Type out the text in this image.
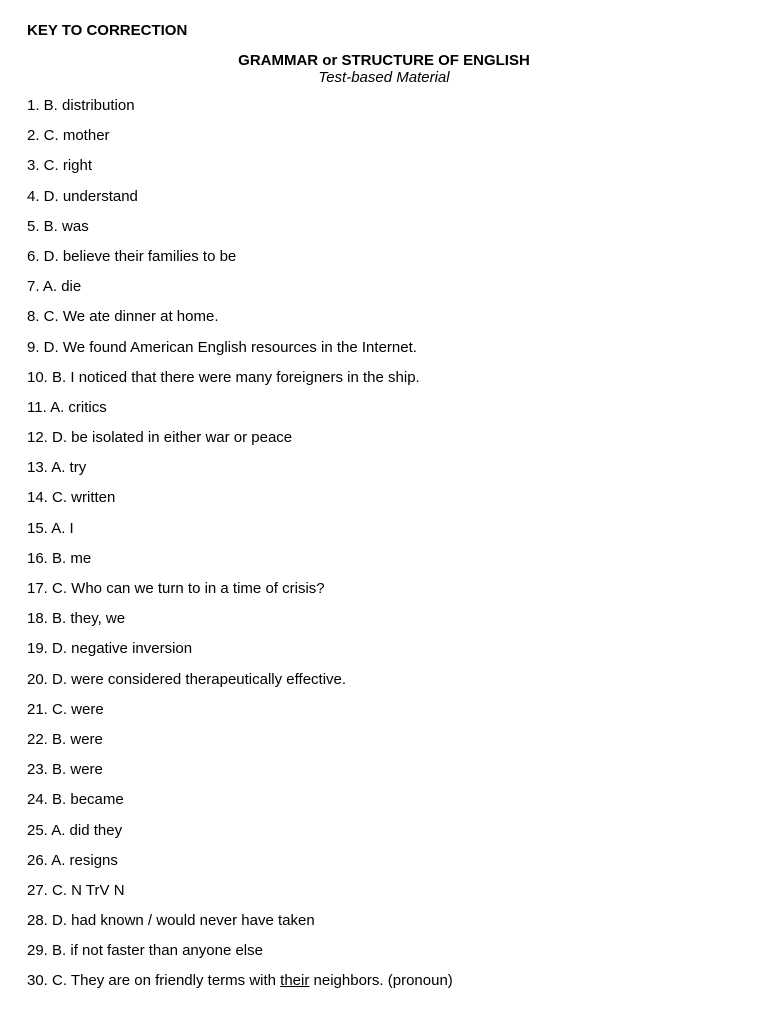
KEY TO CORRECTION
GRAMMAR or STRUCTURE OF ENGLISH
Test-based Material
1. B. distribution
2. C. mother
3. C. right
4. D. understand
5. B. was
6. D. believe their families to be
7. A. die
8. C. We ate dinner at home.
9. D. We found American English resources in the Internet.
10. B. I noticed that there were many foreigners in the ship.
11. A. critics
12. D. be isolated in either war or peace
13. A. try
14. C. written
15. A. I
16. B. me
17. C. Who can we turn to in a time of crisis?
18. B. they, we
19. D. negative inversion
20. D. were considered therapeutically effective.
21. C. were
22. B. were
23. B. were
24. B. became
25. A. did they
26. A. resigns
27. C. N TrV N
28. D. had known / would never have taken
29. B. if not faster than anyone else
30. C. They are on friendly terms with their neighbors. (pronoun)
